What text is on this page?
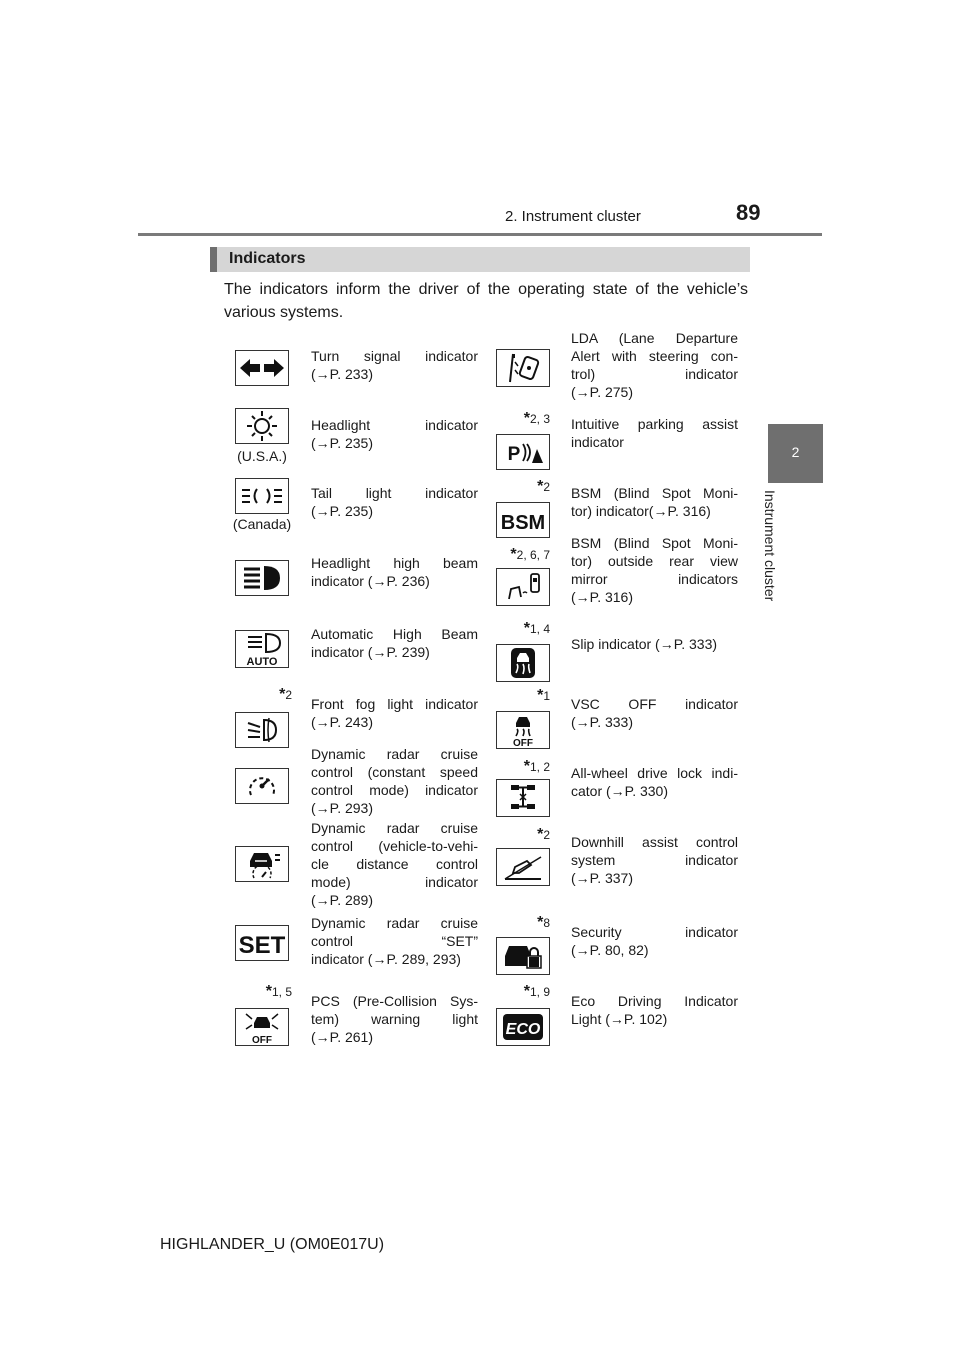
2. Instrument cluster	89
2
Instrument cluster
Indicators
The indicators inform the driver of the operating state of the vehicle’s various systems.
Turn signal indicator
(→P. 233)
(U.S.A.)
Headlight indicator
(→P. 235)
(Canada)
Tail light indicator
(→P. 235)
Headlight high beam
indicator (→P. 236)
AUTO
Automatic High Beam
indicator (→P. 239)
*2
Front fog light indicator
(→P. 243)
Dynamic radar cruise
control (constant speed
control mode) indicator
(→P. 293)
Dynamic radar cruise
control (vehicle-to-vehi-
cle distance control
mode) indicator
(→P. 289)
SET
Dynamic radar cruise
control “SET”
indicator (→P. 289, 293)
*1, 5
OFF
PCS (Pre-Collision Sys-
tem) warning light
(→P. 261)
LDA (Lane Departure
Alert with steering con-
trol) indicator
(→P. 275)
*2, 3
P
Intuitive parking assist
indicator
*2
BSM
BSM (Blind Spot Moni-
tor) indicator(→P. 316)
*2, 6, 7
BSM (Blind Spot Moni-
tor) outside rear view
mirror indicators
(→P. 316)
*1, 4
Slip indicator (→P. 333)
*1
OFF
VSC OFF indicator
(→P. 333)
*1, 2 All-wheel drive lock indi-
cator (→P. 330)
*2 Downhill assist control
system indicator
(→P. 337)
*8
Security indicator
(→P. 80, 82)
*1, 9
ECO
Eco Driving Indicator
Light (→P. 102)
HIGHLANDER_U (OM0E017U)
